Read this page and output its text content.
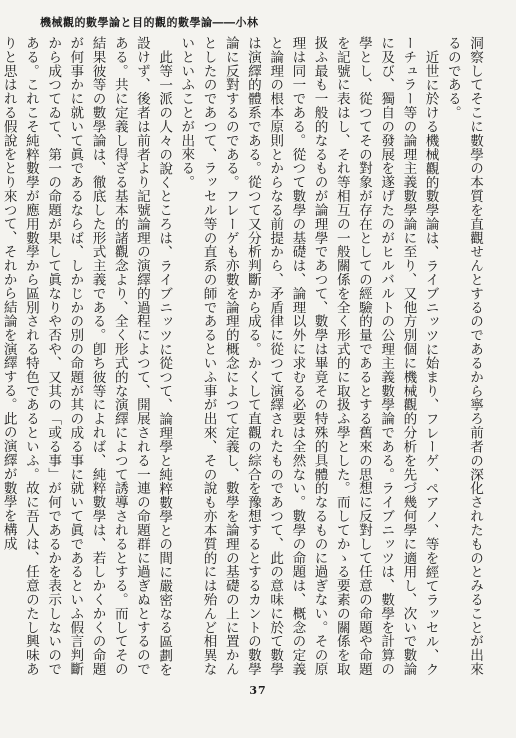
機械觀的數學論と目的觀的數學論――小林

洞察してそこに數學の本質を直觀せんとするのであるから寧ろ前者の深化されたものとみることが出來るのである。

近世に於ける機械觀的數學論は、ライブニッツに始まり、フレーゲ、ペアノ、等を經てラッセル、クーチュラー等の論理主義數學論に至り、又他方別個に機械觀的分析を先づ幾何學に適用し、次いで數論に及び、獨自の發展を遂げたのがヒルバルトの公理主義數學論である。ライブニッツは、數學を計算の學とし、從つてその對象が存在としての經驗的量であるとする舊來の思想に反對して任意の命題や命題を記號に表はし、それ等相互の一般關係を全く形式的に取扱ふ學とした。而してかゝる要素の關係を取扱ふ最も一般的なるものが論理學であつて、數學は畢竟その特殊的具體的なるものに過ぎない。その原理は同一である。從つて數學の基礎は、論理以外に求むる必要は全然ない。數學の命題は、概念の定義と論理の根本原則とからなる前提から、矛盾律に從つて演繹されたものであつて、此の意味に於て數學は演繹的體系である。從つて又分析判斷から成る。かくして直觀の綜合を豫想するとするカントの數學論に反對するのである。フレーゲも亦數を論理的概念によつて定義し、數學を論理の基礎の上に置かんとしたのであつて、ラッセル等の直系の師であるといふ事が出來、その說も亦本質的には殆んど相異ないといふことが出來る。

此等一派の人々の說くところは、ライブニッツに從つて、論理學と純粹數學との間に嚴密なる區劃を設けず、後者は前者より記號論理の演繹的過程によつて、開展される一連の命題群に過ぎぬとするのである。共に定義し得ざる基本的諸觀念より、全く形式的な演繹によつて誘導されるとする。而してその結果彼等の數學論は、徹底した形式主義である。卽ち彼等によれば、純粹數學は、若しかくかくの命題が何事かに就いて眞であるならば、しかじかの別の命題が其の成る事に就いて眞であるといふ假言判斷から成つてゐて、第一の命題が果して眞なりや否や、又其の「或る事」が何であるかを表示しないのである。これこそ純粹數學が應用數學から區別される特色であるといふ。故に吾人は、任意のたし興味ありと思はれる假說をとり來つて、それから結論を演繹する。此の演繹が數學を構成

37
